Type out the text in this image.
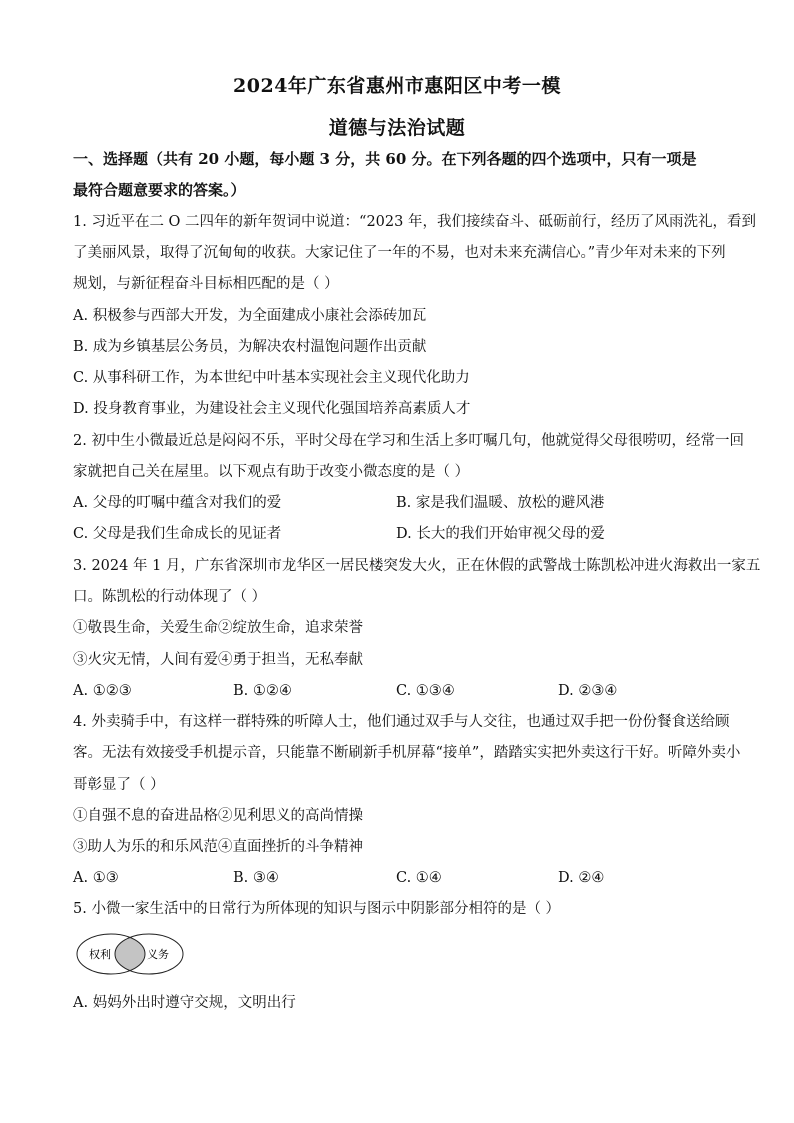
2024年广东省惠州市惠阳区中考一模
道德与法治试题
一、选择题（共有 20 小题，每小题 3 分，共 60 分。在下列各题的四个选项中，只有一项是
最符合题意要求的答案。）
1. 习近平在二 O 二四年的新年贺词中说道：“2023 年，我们接续奋斗、砥砺前行，经历了风雨洗礼，看到
了美丽风景，取得了沉甸甸的收获。大家记住了一年的不易，也对未来充满信心。”青少年对未来的下列
规划，与新征程奋斗目标相匹配的是（ ）
A. 积极参与西部大开发，为全面建成小康社会添砖加瓦
B. 成为乡镇基层公务员，为解决农村温饱问题作出贡献
C. 从事科研工作，为本世纪中叶基本实现社会主义现代化助力
D. 投身教育事业，为建设社会主义现代化强国培养高素质人才
2. 初中生小微最近总是闷闷不乐，平时父母在学习和生活上多叮嘱几句，他就觉得父母很唠叨，经常一回
家就把自己关在屋里。以下观点有助于改变小微态度的是（ ）
A. 父母的叮嘱中蕴含对我们的爱	B. 家是我们温暖、放松的避风港
C. 父母是我们生命成长的见证者	D. 长大的我们开始审视父母的爱
3. 2024 年 1 月，广东省深圳市龙华区一居民楼突发大火，正在休假的武警战士陈凯松冲进火海救出一家五
口。陈凯松的行动体现了（ ）
①敬畏生命，关爱生命②绽放生命，追求荣誉
③火灾无情，人间有爱④勇于担当，无私奉献
A. ①②③	B. ①②④	C. ①③④	D. ②③④
4. 外卖骑手中，有这样一群特殊的听障人士，他们通过双手与人交往，也通过双手把一份份餐食送给顾
客。无法有效接受手机提示音，只能靠不断刷新手机屏幕“接单”，踏踏实实把外卖这行干好。听障外卖小
哥彰显了（ ）
①自强不息的奋进品格②见利思义的高尚情操
③助人为乐的和乐风范④直面挫折的斗争精神
A. ①③	B. ③④	C. ①④	D. ②④
5. 小微一家生活中的日常行为所体现的知识与图示中阴影部分相符的是（ ）
权利	义务
A. 妈妈外出时遵守交规，文明出行
